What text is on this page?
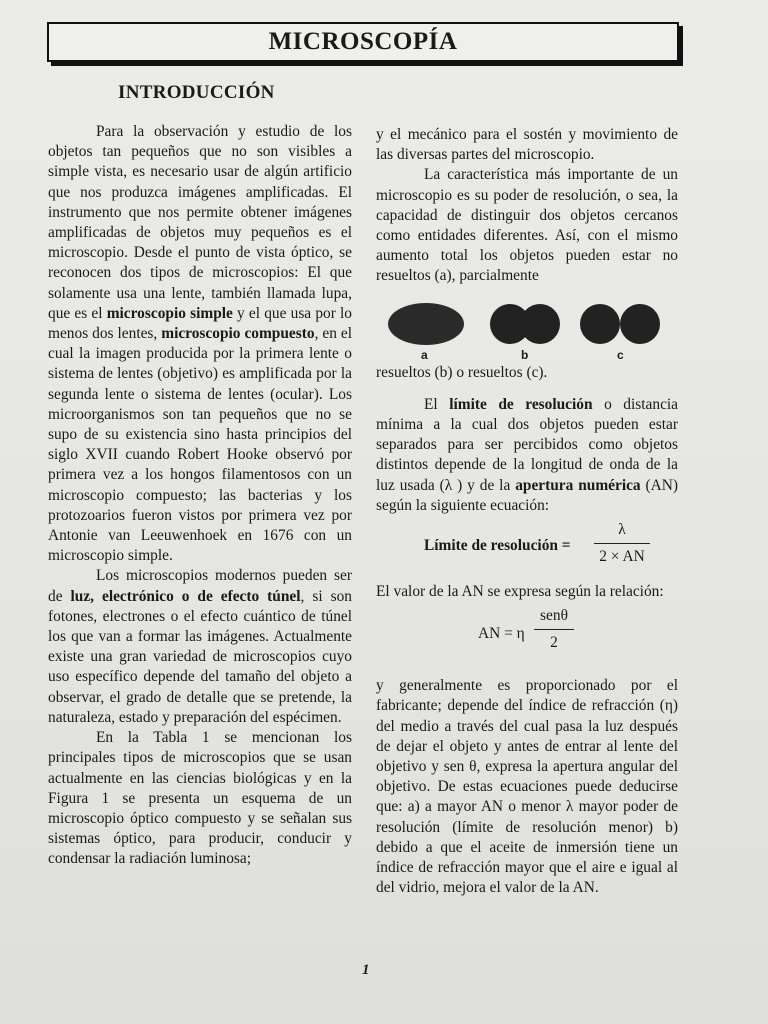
MICROSCOPÍA
INTRODUCCIÓN

Para la observación y estudio de los objetos tan pequeños que no son visibles a simple vista, es necesario usar de algún artificio que nos produzca imágenes amplificadas. El instrumento que nos permite obtener imágenes amplificadas de objetos muy pequeños es el microscopio. Desde el punto de vista óptico, se reconocen dos tipos de microscopios: El que solamente usa una lente, también llamada lupa, que es el microscopio simple y el que usa por lo menos dos lentes, microscopio compuesto, en el cual la imagen producida por la primera lente o sistema de lentes (objetivo) es amplificada por la segunda lente o sistema de lentes (ocular). Los microorganismos son tan pequeños que no se supo de su existencia sino hasta principios del siglo XVII cuando Robert Hooke observó por primera vez a los hongos filamentosos con un microscopio compuesto; las bacterias y los protozoarios fueron vistos por primera vez por Antonie van Leeuwenhoek en 1676 con un microscopio simple.

Los microscopios modernos pueden ser de luz, electrónico o de efecto túnel, si son fotones, electrones o el efecto cuántico de túnel los que van a formar las imágenes. Actualmente existe una gran variedad de microscopios cuyo uso específico depende del tamaño del objeto a observar, el grado de detalle que se pretende, la naturaleza, estado y preparación del espécimen.

En la Tabla 1 se mencionan los principales tipos de microscopios que se usan actualmente en las ciencias biológicas y en la Figura 1 se presenta un esquema de un microscopio óptico compuesto y se señalan sus sistemas óptico, para producir, conducir y condensar la radiación luminosa;

y el mecánico para el sostén y movimiento de las diversas partes del microscopio.

La característica más importante de un microscopio es su poder de resolución, o sea, la capacidad de distinguir dos objetos cercanos como entidades diferentes. Así, con el mismo aumento total los objetos pueden estar no resueltos (a), parcialmente

a	b	c

resueltos (b) o resueltos (c).

El límite de resolución o distancia mínima a la cual dos objetos pueden estar separados para ser percibidos como objetos distintos depende de la longitud de onda de la luz usada (λ ) y de la apertura numérica (AN) según la siguiente ecuación:

Límite de resolución =
λ
2 × AN

El valor de la AN se expresa según la relación:

AN = η
senθ
2

y generalmente es proporcionado por el fabricante; depende del índice de refracción (η) del medio a través del cual pasa la luz después de dejar el objeto y antes de entrar al lente del objetivo y sen θ, expresa la apertura angular del objetivo. De estas ecuaciones puede deducirse que: a) a mayor AN o menor λ mayor poder de resolución (límite de resolución menor) b) debido a que el aceite de inmersión tiene un índice de refracción mayor que el aire e igual al del vidrio, mejora el valor de la AN.

1
